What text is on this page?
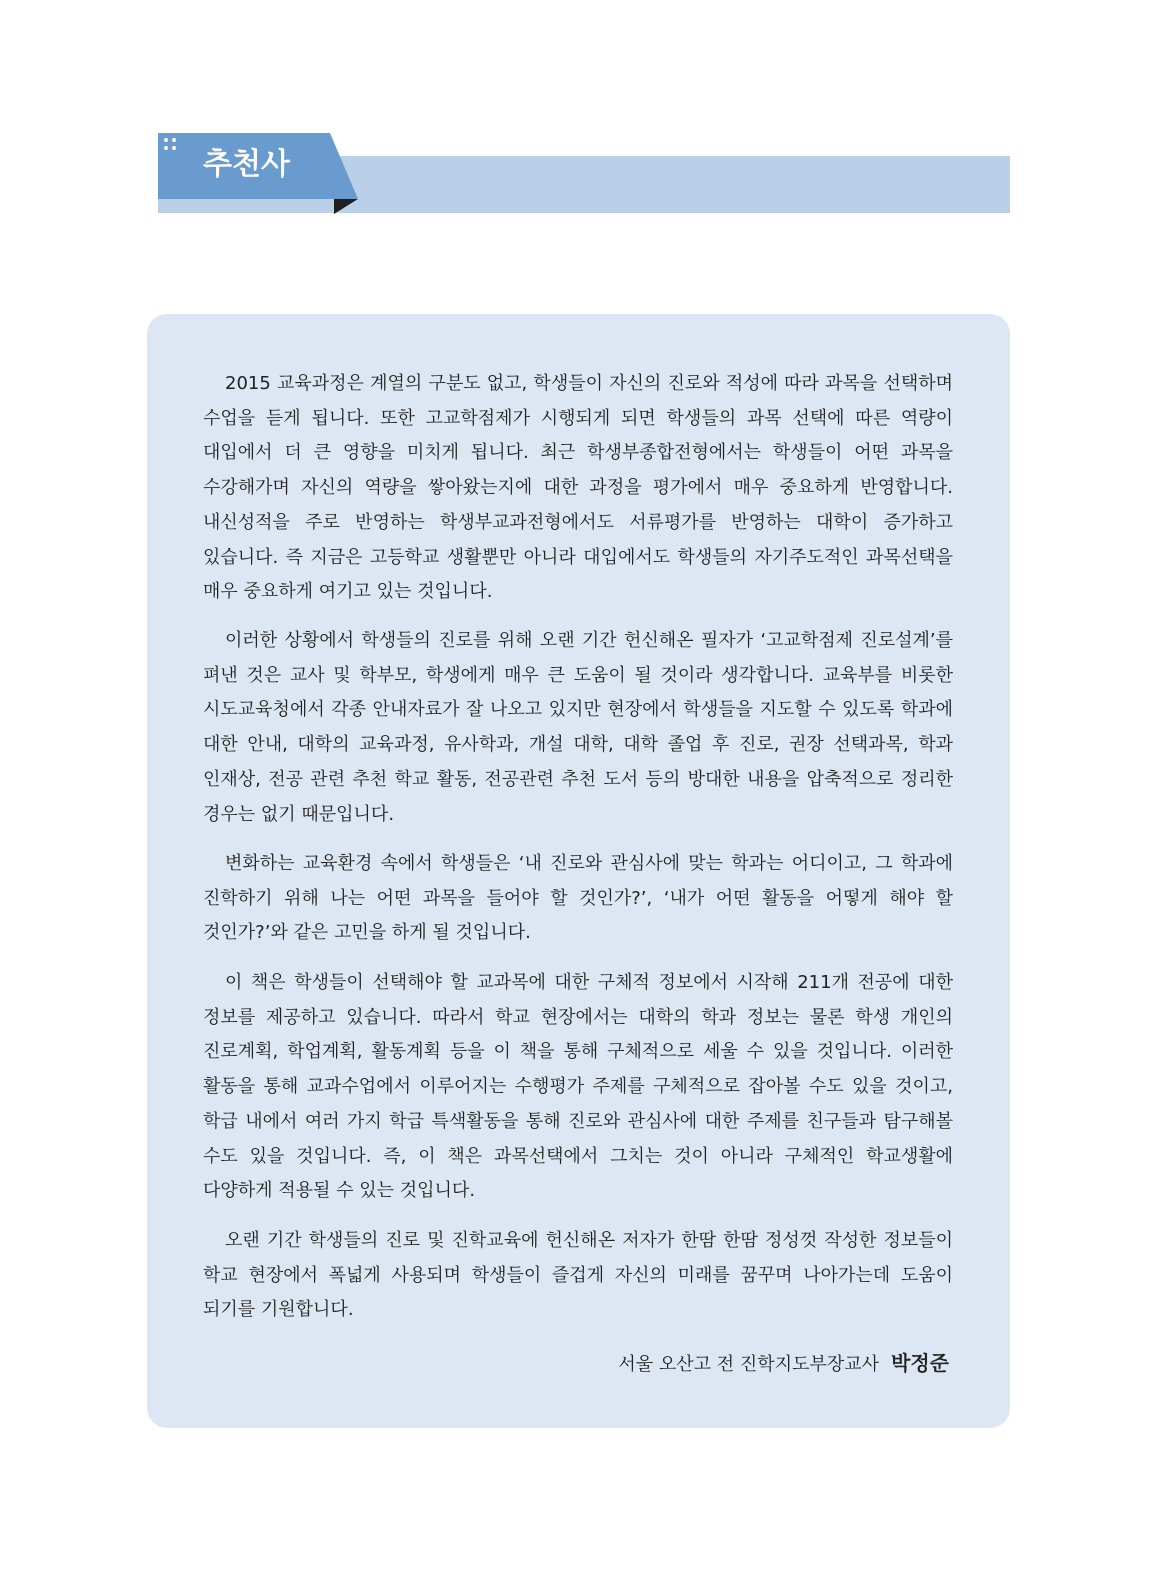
추천사

2015 교육과정은 계열의 구분도 없고, 학생들이 자신의 진로와 적성에 따라 과목을 선택하며 수업을 듣게 됩니다. 또한 고교학점제가 시행되게 되면 학생들의 과목 선택에 따른 역량이 대입에서 더 큰 영향을 미치게 됩니다. 최근 학생부종합전형에서는 학생들이 어떤 과목을 수강해가며 자신의 역량을 쌓아왔는지에 대한 과정을 평가에서 매우 중요하게 반영합니다. 내신성적을 주로 반영하는 학생부교과전형에서도 서류평가를 반영하는 대학이 증가하고 있습니다. 즉 지금은 고등학교 생활뿐만 아니라 대입에서도 학생들의 자기주도적인 과목선택을 매우 중요하게 여기고 있는 것입니다.

이러한 상황에서 학생들의 진로를 위해 오랜 기간 헌신해온 필자가 ‘고교학점제 진로설계’를 펴낸 것은 교사 및 학부모, 학생에게 매우 큰 도움이 될 것이라 생각합니다. 교육부를 비롯한 시도교육청에서 각종 안내자료가 잘 나오고 있지만 현장에서 학생들을 지도할 수 있도록 학과에 대한 안내, 대학의 교육과정, 유사학과, 개설 대학, 대학 졸업 후 진로, 권장 선택과목, 학과 인재상, 전공 관련 추천 학교 활동, 전공관련 추천 도서 등의 방대한 내용을 압축적으로 정리한 경우는 없기 때문입니다.

변화하는 교육환경 속에서 학생들은 ‘내 진로와 관심사에 맞는 학과는 어디이고, 그 학과에 진학하기 위해 나는 어떤 과목을 들어야 할 것인가?’, ‘내가 어떤 활동을 어떻게 해야 할 것인가?’와 같은 고민을 하게 될 것입니다.

이 책은 학생들이 선택해야 할 교과목에 대한 구체적 정보에서 시작해 211개 전공에 대한 정보를 제공하고 있습니다. 따라서 학교 현장에서는 대학의 학과 정보는 물론 학생 개인의 진로계획, 학업계획, 활동계획 등을 이 책을 통해 구체적으로 세울 수 있을 것입니다. 이러한 활동을 통해 교과수업에서 이루어지는 수행평가 주제를 구체적으로 잡아볼 수도 있을 것이고, 학급 내에서 여러 가지 학급 특색활동을 통해 진로와 관심사에 대한 주제를 친구들과 탐구해볼 수도 있을 것입니다. 즉, 이 책은 과목선택에서 그치는 것이 아니라 구체적인 학교생활에 다양하게 적용될 수 있는 것입니다.

오랜 기간 학생들의 진로 및 진학교육에 헌신해온 저자가 한땀 한땀 정성껏 작성한 정보들이 학교 현장에서 폭넓게 사용되며 학생들이 즐겁게 자신의 미래를 꿈꾸며 나아가는데 도움이 되기를 기원합니다.

서울 오산고 전 진학지도부장교사 박정준
